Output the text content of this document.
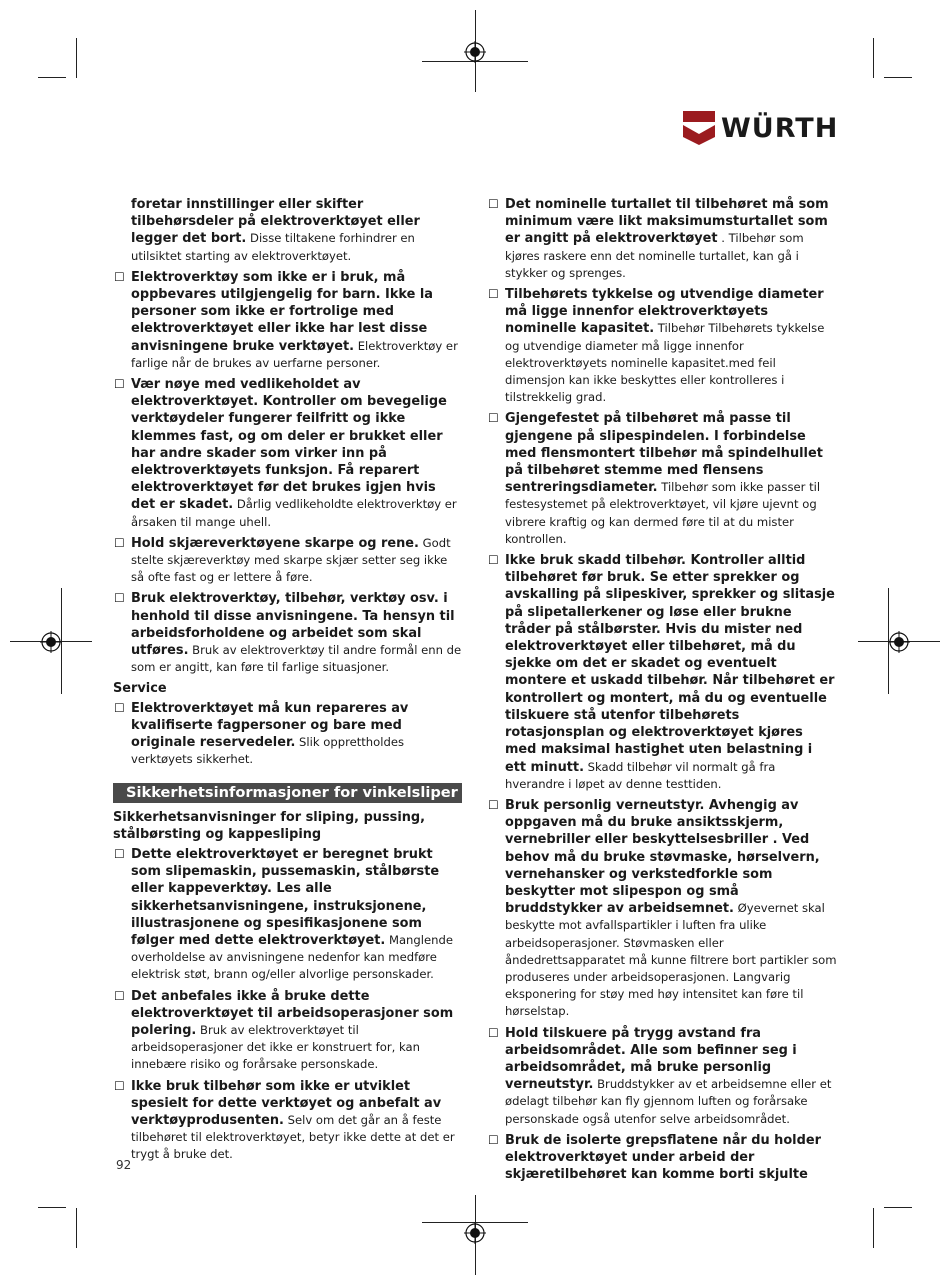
WÜRTH
foretar innstillinger eller skifter tilbehørsdeler på elektroverktøyet eller legger det bort. Disse tiltakene forhindrer en utilsiktet starting av elektroverktøyet.
☐ Elektroverktøy som ikke er i bruk, må oppbevares utilgjengelig for barn. Ikke la personer som ikke er fortrolige med elektroverktøyet eller ikke har lest disse anvisningene bruke verktøyet. Elektroverktøy er farlige når de brukes av uerfarne personer.
☐ Vær nøye med vedlikeholdet av elektroverktøyet. Kontroller om bevegelige verktøydeler fungerer feilfritt og ikke klemmes fast, og om deler er brukket eller har andre skader som virker inn på elektroverktøyets funksjon. Få reparert elektroverktøyet før det brukes igjen hvis det er skadet. Dårlig vedlikeholdte elektroverktøy er årsaken til mange uhell.
☐ Hold skjæreverktøyene skarpe og rene. Godt stelte skjæreverktøy med skarpe skjær setter seg ikke så ofte fast og er lettere å føre.
☐ Bruk elektroverktøy, tilbehør, verktøy osv. i henhold til disse anvisningene. Ta hensyn til arbeidsforholdene og arbeidet som skal utføres. Bruk av elektroverktøy til andre formål enn de som er angitt, kan føre til farlige situasjoner.
Service
☐ Elektroverktøyet må kun repareres av kvalifiserte fagpersoner og bare med originale reservedeler. Slik opprettholdes verktøyets sikkerhet.
Sikkerhetsinformasjoner for vinkelsliper
Sikkerhetsanvisninger for sliping, pussing, stålbørsting og kappesliping
☐ Dette elektroverktøyet er beregnet brukt som slipemaskin, pussemaskin, stålbørste eller kappeverktøy. Les alle sikkerhetsanvisningene, instruksjonene, illustrasjonene og spesifikasjonene som følger med dette elektroverktøyet. Manglende overholdelse av anvisningene nedenfor kan medføre elektrisk støt, brann og/eller alvorlige personskader.
☐ Det anbefales ikke å bruke dette elektroverktøyet til arbeidsoperasjoner som polering. Bruk av elektroverktøyet til arbeidsoperasjoner det ikke er konstruert for, kan innebære risiko og forårsake personskade.
☐ Ikke bruk tilbehør som ikke er utviklet spesielt for dette verktøyet og anbefalt av verktøyprodusenten. Selv om det går an å feste tilbehøret til elektroverktøyet, betyr ikke dette at det er trygt å bruke det.
☐ Det nominelle turtallet til tilbehøret må som minimum være likt maksimumsturtallet som er angitt på elektroverktøyet . Tilbehør som kjøres raskere enn det nominelle turtallet, kan gå i stykker og sprenges.
☐ Tilbehørets tykkelse og utvendige diameter må ligge innenfor elektroverktøyets nominelle kapasitet. Tilbehør Tilbehørets tykkelse og utvendige diameter må ligge innenfor elektroverktøyets nominelle kapasitet.med feil dimensjon kan ikke beskyttes eller kontrolleres i tilstrekkelig grad.
☐ Gjengefestet på tilbehøret må passe til gjengene på slipespindelen. I forbindelse med flensmontert tilbehør må spindelhullet på tilbehøret stemme med flensens sentreringsdiameter. Tilbehør som ikke passer til festesystemet på elektroverktøyet, vil kjøre ujevnt og vibrere kraftig og kan dermed føre til at du mister kontrollen.
☐ Ikke bruk skadd tilbehør. Kontroller alltid tilbehøret før bruk. Se etter sprekker og avskalling på slipeskiver, sprekker og slitasje på slipetallerkener og løse eller brukne tråder på stålbørster. Hvis du mister ned elektroverktøyet eller tilbehøret, må du sjekke om det er skadet og eventuelt montere et uskadd tilbehør. Når tilbehøret er kontrollert og montert, må du og eventuelle tilskuere stå utenfor tilbehørets rotasjonsplan og elektroverktøyet kjøres med maksimal hastighet uten belastning i ett minutt. Skadd tilbehør vil normalt gå fra hverandre i løpet av denne testtiden.
☐ Bruk personlig verneutstyr. Avhengig av oppgaven må du bruke ansiktsskjerm, vernebriller eller beskyttelsesbriller . Ved behov må du bruke støvmaske, hørselvern, vernehansker og verkstedforkle som beskytter mot slipespon og små bruddstykker av arbeidsemnet. Øyevernet skal beskytte mot avfallspartikler i luften fra ulike arbeidsoperasjoner. Støvmasken eller åndedrettsapparatet må kunne filtrere bort partikler som produseres under arbeidsoperasjonen. Langvarig eksponering for støy med høy intensitet kan føre til hørselstap.
☐ Hold tilskuere på trygg avstand fra arbeidsområdet. Alle som befinner seg i arbeidsområdet, må bruke personlig verneutstyr. Bruddstykker av et arbeidsemne eller et ødelagt tilbehør kan fly gjennom luften og forårsake personskade også utenfor selve arbeidsområdet.
☐ Bruk de isolerte grepsflatene når du holder elektroverktøyet under arbeid der skjæretilbehøret kan komme borti skjulte
92
